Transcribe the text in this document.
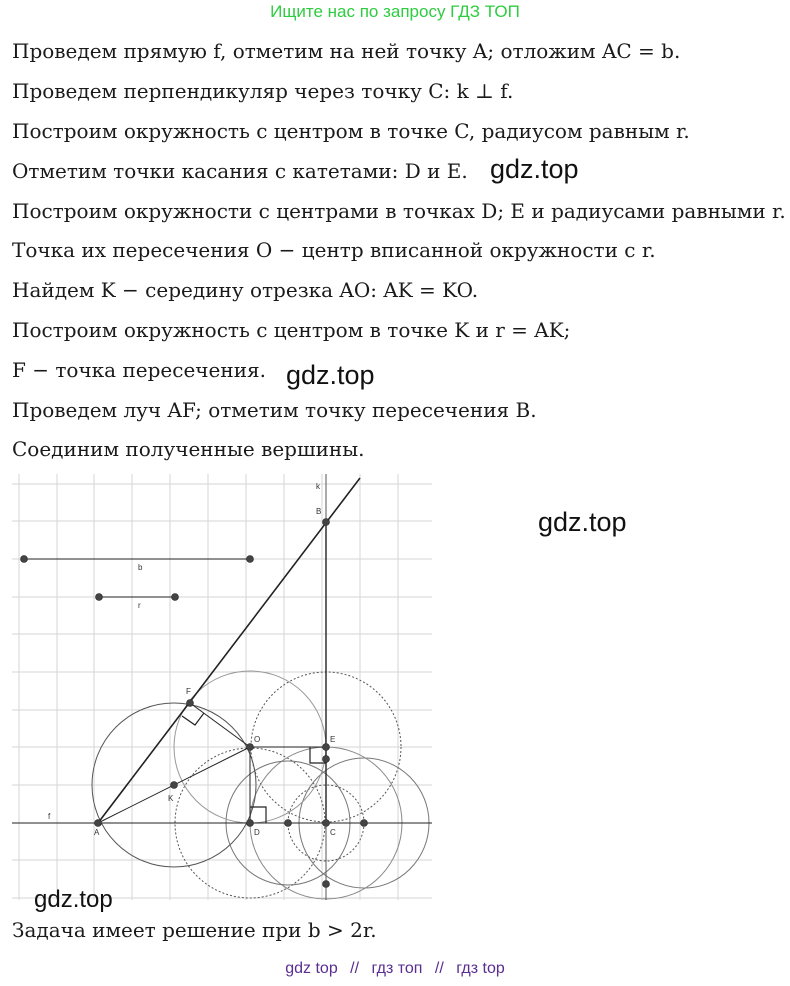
Ищите нас по запросу ГДЗ ТОП
Проведем прямую f, отметим на ней точку A; отложим AC = b.
Проведем перпендикуляр через точку C: k ⊥ f.
Построим окружность с центром в точке C, радиусом равным r.
Отметим точки касания с катетами: D и E.
Построим окружности с центрами в точках D; E и радиусами равными r.
Точка их пересечения O − центр вписанной окружности с r.
Найдем K − середину отрезка AO: AK = KO.
Построим окружность с центром в точке K и r = AK;
F − точка пересечения.
Проведем луч AF; отметим точку пересечения B.
Соединим полученные вершины.
gdz.top
gdz.top
gdz.top
k
B
b
r
F
O	E
K
f
A	D	C
gdz.top
Задача имеет решение при b > 2r.
gdz top // гдз топ // гдз top
